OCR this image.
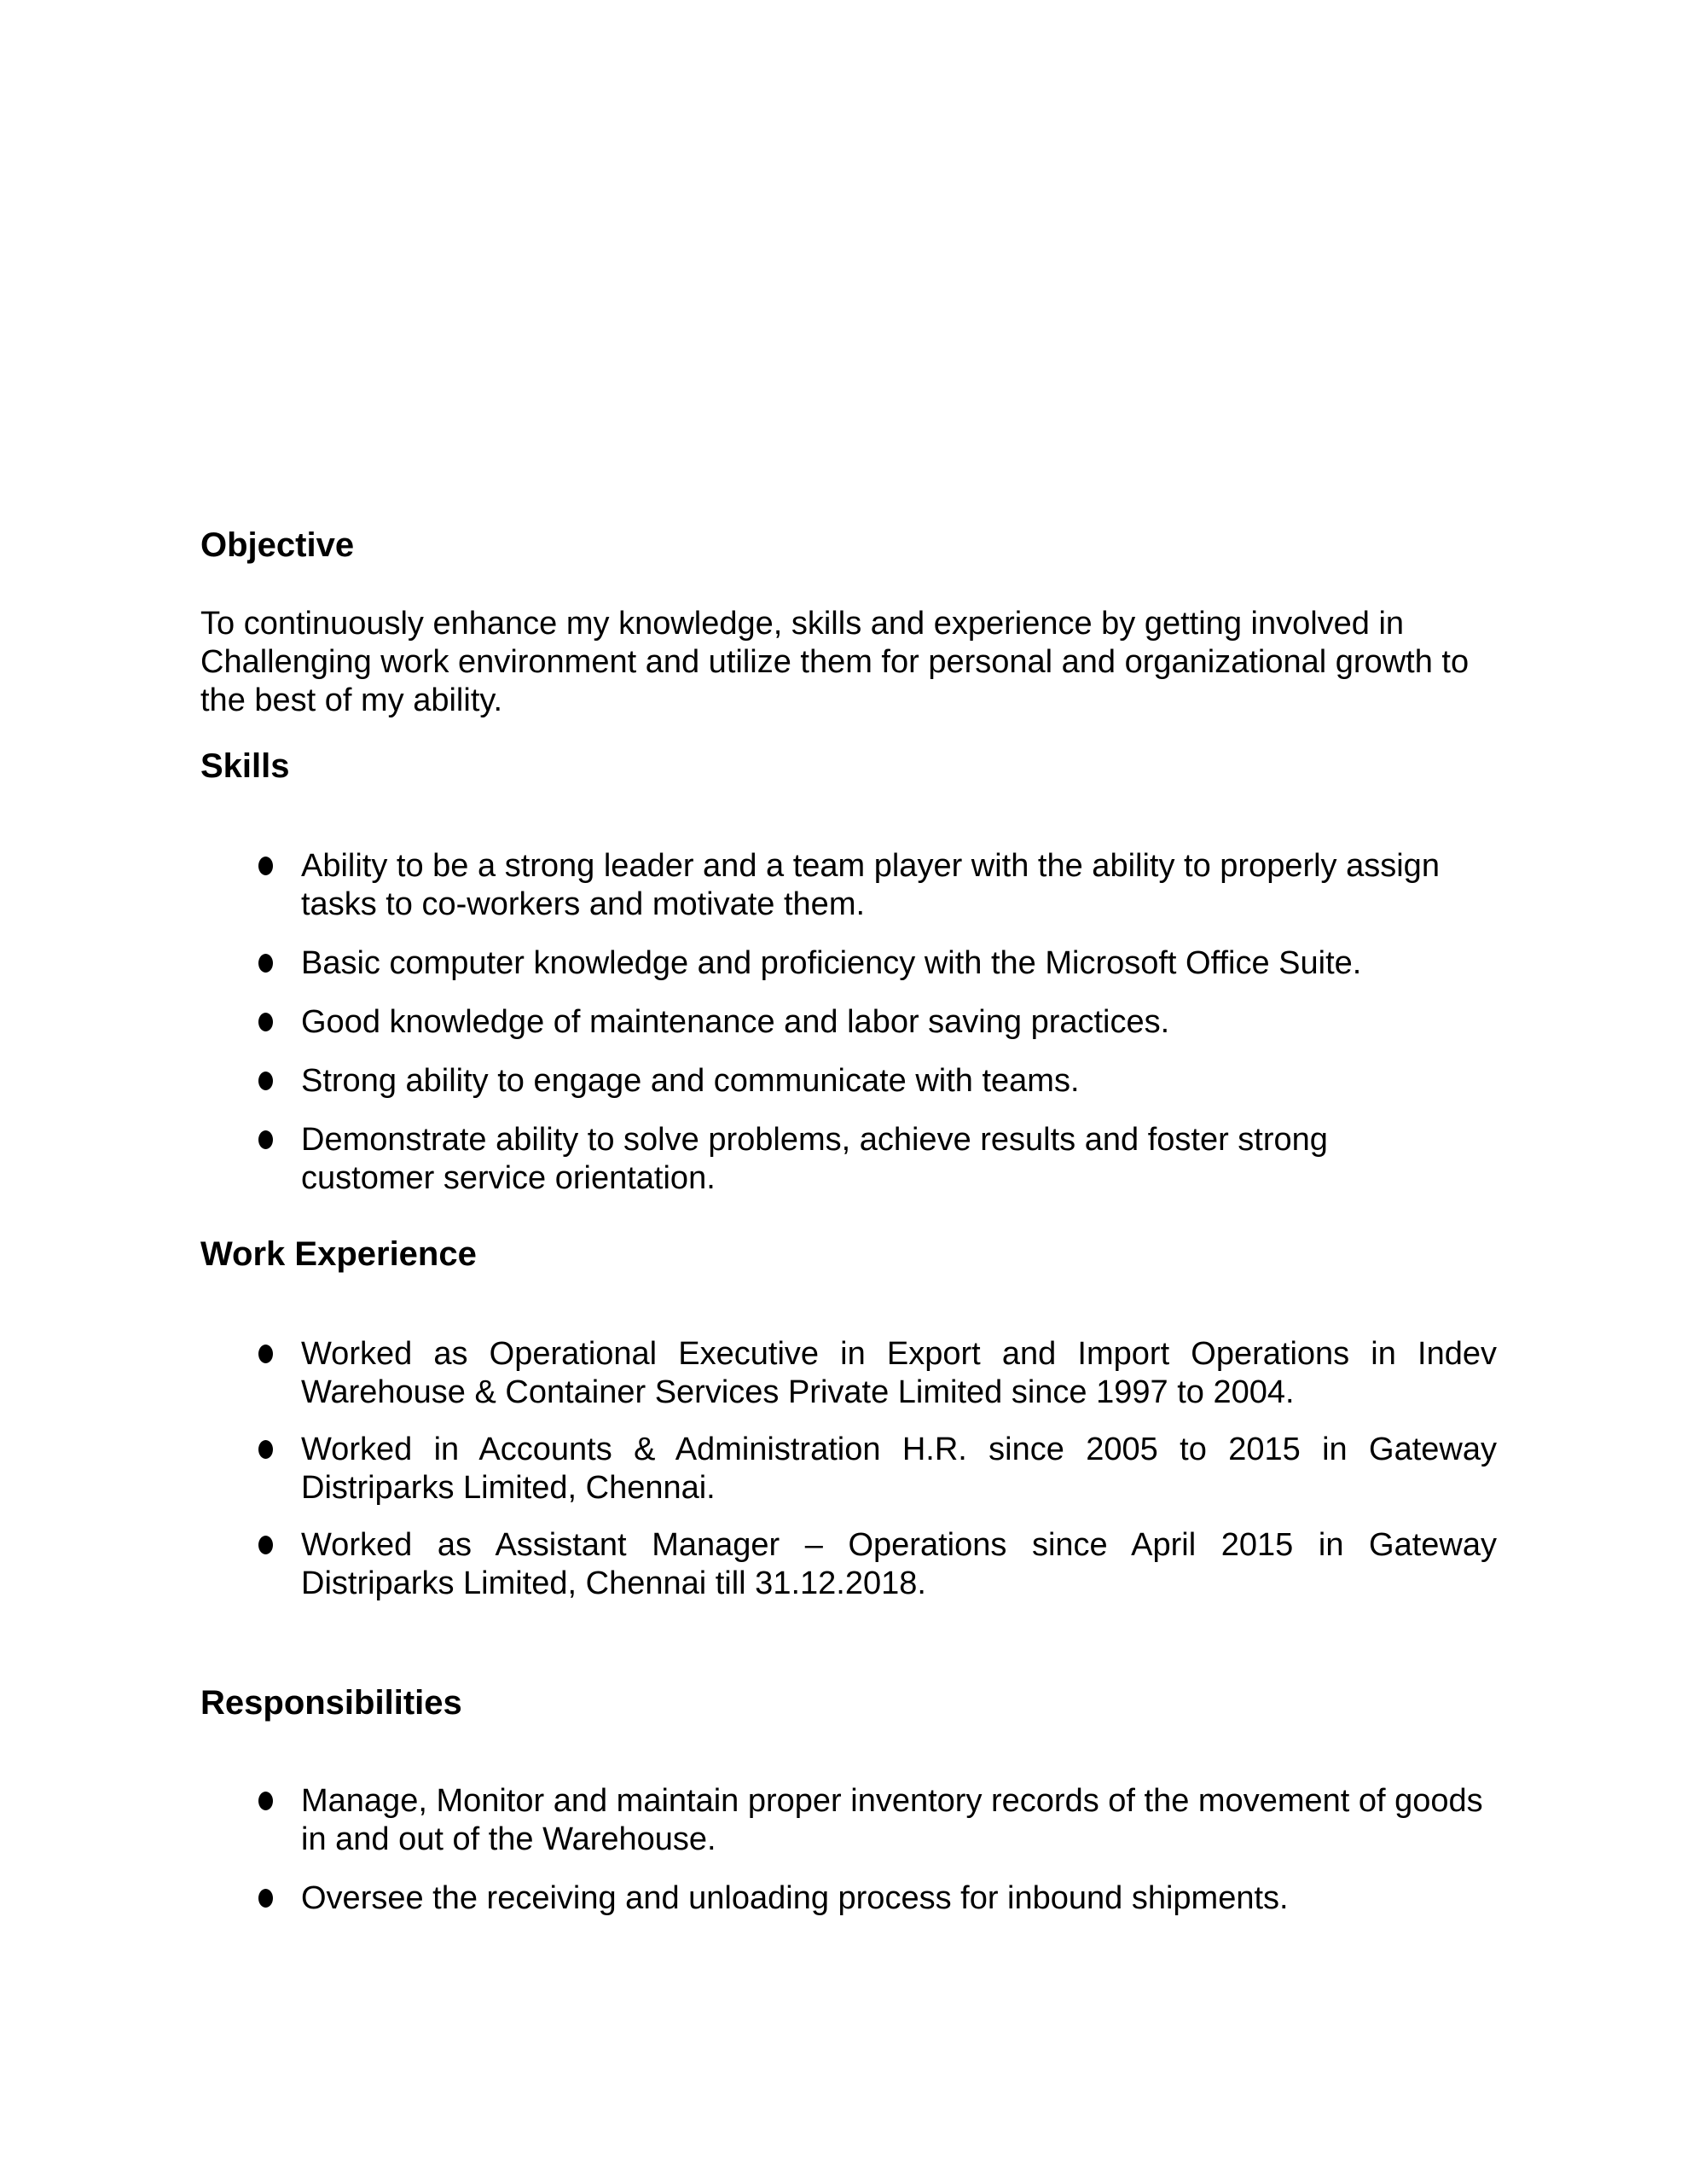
Objective

To continuously enhance my knowledge, skills and experience by getting involved in
Challenging work environment and utilize them for personal and organizational growth to
the best of my ability.

Skills
Ability to be a strong leader and a team player with the ability to properly assign
tasks to co-workers and motivate them.
Basic computer knowledge and proficiency with the Microsoft Office Suite.
Good knowledge of maintenance and labor saving practices.
Strong ability to engage and communicate with teams.
Demonstrate ability to solve problems, achieve results and foster strong
customer service orientation.
Work Experience
Worked as Operational Executive in Export and Import Operations in Indev
Warehouse & Container Services Private Limited since 1997 to 2004.
Worked in Accounts & Administration H.R. since 2005 to 2015 in Gateway
Distriparks Limited, Chennai.
Worked as Assistant Manager – Operations since April 2015 in Gateway
Distriparks Limited, Chennai till 31.12.2018.
Responsibilities
Manage, Monitor and maintain proper inventory records of the movement of goods
in and out of the Warehouse.
Oversee the receiving and unloading process for inbound shipments.
